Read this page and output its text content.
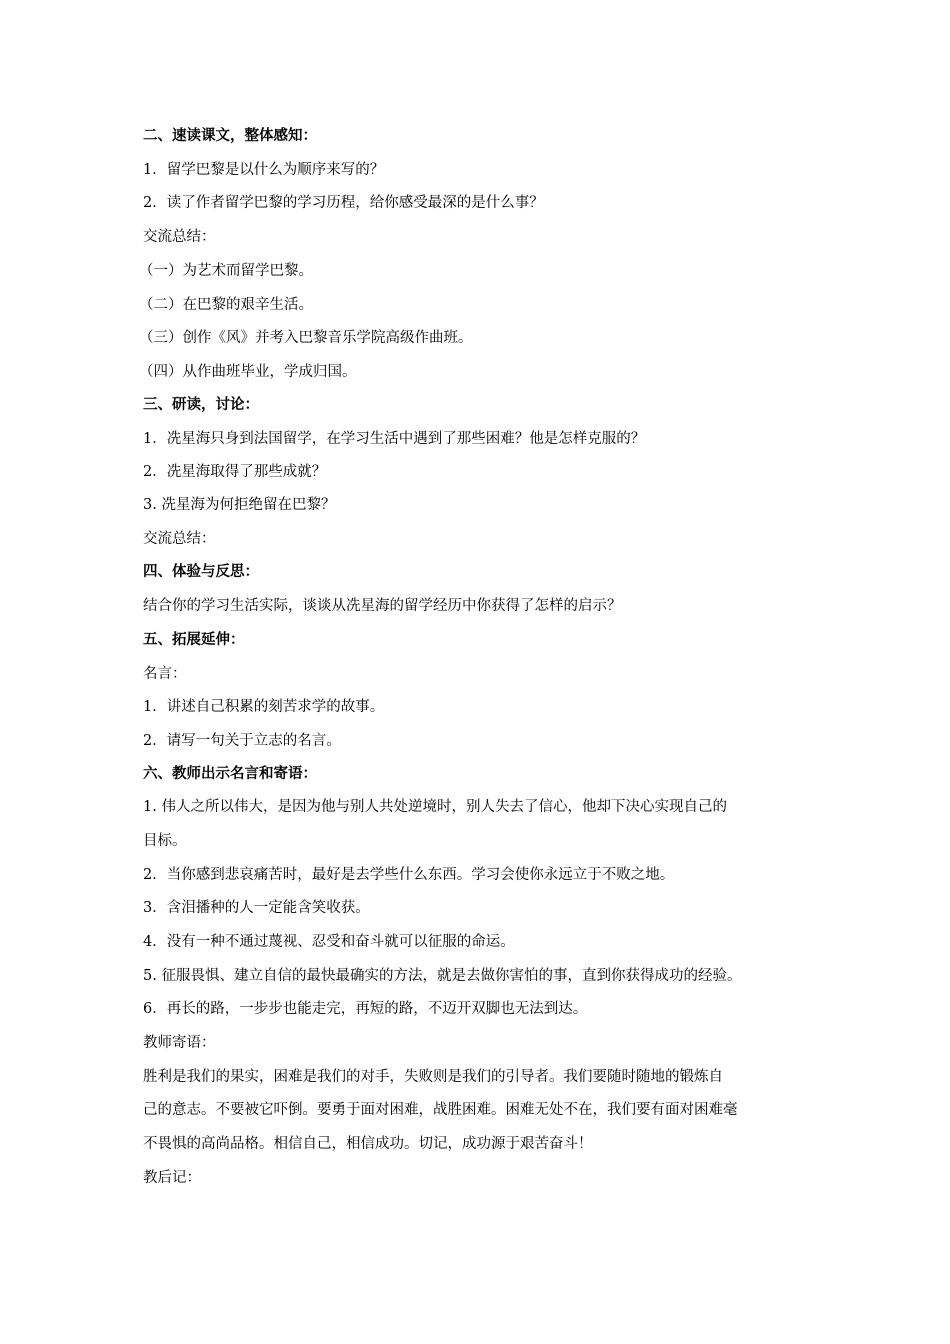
二、速读课文，整体感知：
1．留学巴黎是以什么为顺序来写的？
2．读了作者留学巴黎的学习历程，给你感受最深的是什么事？
交流总结：
（一）为艺术而留学巴黎。
（二）在巴黎的艰辛生活。
（三）创作《风》并考入巴黎音乐学院高级作曲班。
（四）从作曲班毕业，学成归国。
三、研读，讨论：
1．冼星海只身到法国留学，在学习生活中遇到了那些困难？他是怎样克服的？
2．冼星海取得了那些成就？
3. 冼星海为何拒绝留在巴黎？
交流总结：
四、体验与反思：
结合你的学习生活实际，谈谈从冼星海的留学经历中你获得了怎样的启示？
五、拓展延伸：
名言：
1．讲述自己积累的刻苦求学的故事。
2．请写一句关于立志的名言。
六、教师出示名言和寄语：
1. 伟人之所以伟大，是因为他与别人共处逆境时，别人失去了信心，他却下决心实现自己的
目标。
2．当你感到悲哀痛苦时，最好是去学些什么东西。学习会使你永远立于不败之地。
3．含泪播种的人一定能含笑收获。
4．没有一种不通过蔑视、忍受和奋斗就可以征服的命运。
5. 征服畏惧、建立自信的最快最确实的方法，就是去做你害怕的事，直到你获得成功的经验。
6．再长的路，一步步也能走完，再短的路，不迈开双脚也无法到达。
教师寄语：
胜利是我们的果实，困难是我们的对手，失败则是我们的引导者。我们要随时随地的锻炼自
己的意志。不要被它吓倒。要勇于面对困难，战胜困难。困难无处不在，我们要有面对困难毫
不畏惧的高尚品格。相信自己，相信成功。切记，成功源于艰苦奋斗！
教后记：
